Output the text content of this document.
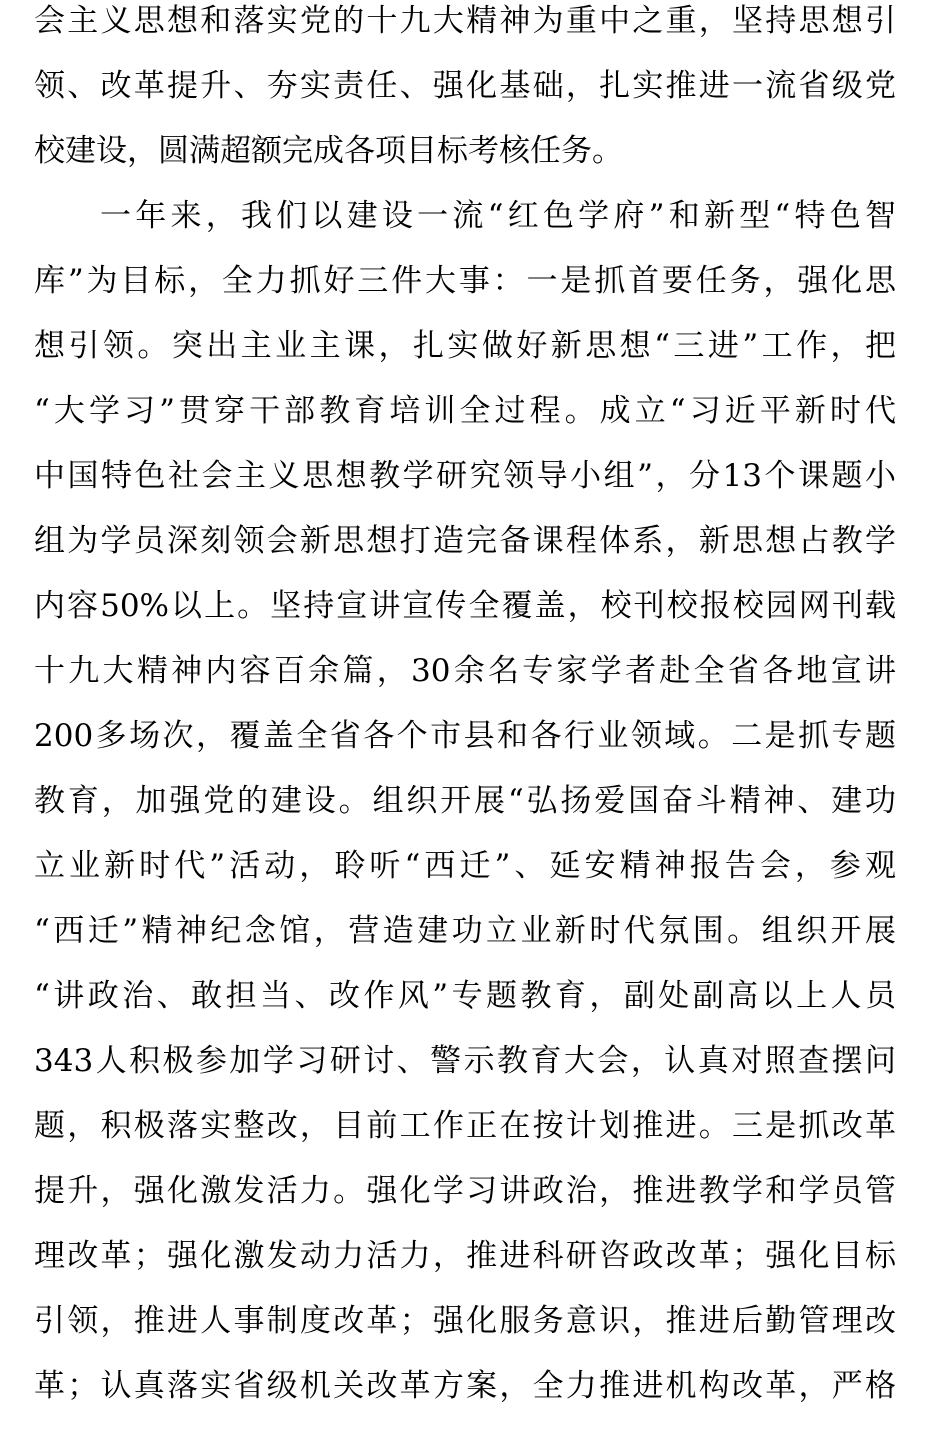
会主义思想和落实党的十九大精神为重中之重，坚持思想引
领、改革提升、夯实责任、强化基础，扎实推进一流省级党
校建设，圆满超额完成各项目标考核任务。
一年来，我们以建设一流“红色学府”和新型“特色智
库”为目标，全力抓好三件大事：一是抓首要任务，强化思
想引领。突出主业主课，扎实做好新思想“三进”工作，把
“大学习”贯穿干部教育培训全过程。成立“习近平新时代
中国特色社会主义思想教学研究领导小组”，分13个课题小
组为学员深刻领会新思想打造完备课程体系，新思想占教学
内容50%以上。坚持宣讲宣传全覆盖，校刊校报校园网刊载
十九大精神内容百余篇，30余名专家学者赴全省各地宣讲
200多场次，覆盖全省各个市县和各行业领域。二是抓专题
教育，加强党的建设。组织开展“弘扬爱国奋斗精神、建功
立业新时代”活动，聆听“西迁”、延安精神报告会，参观
“西迁”精神纪念馆，营造建功立业新时代氛围。组织开展
“讲政治、敢担当、改作风”专题教育，副处副高以上人员
343人积极参加学习研讨、警示教育大会，认真对照查摆问
题，积极落实整改，目前工作正在按计划推进。三是抓改革
提升，强化激发活力。强化学习讲政治，推进教学和学员管
理改革；强化激发动力活力，推进科研咨政改革；强化目标
引领，推进人事制度改革；强化服务意识，推进后勤管理改
革；认真落实省级机关改革方案，全力推进机构改革，严格
